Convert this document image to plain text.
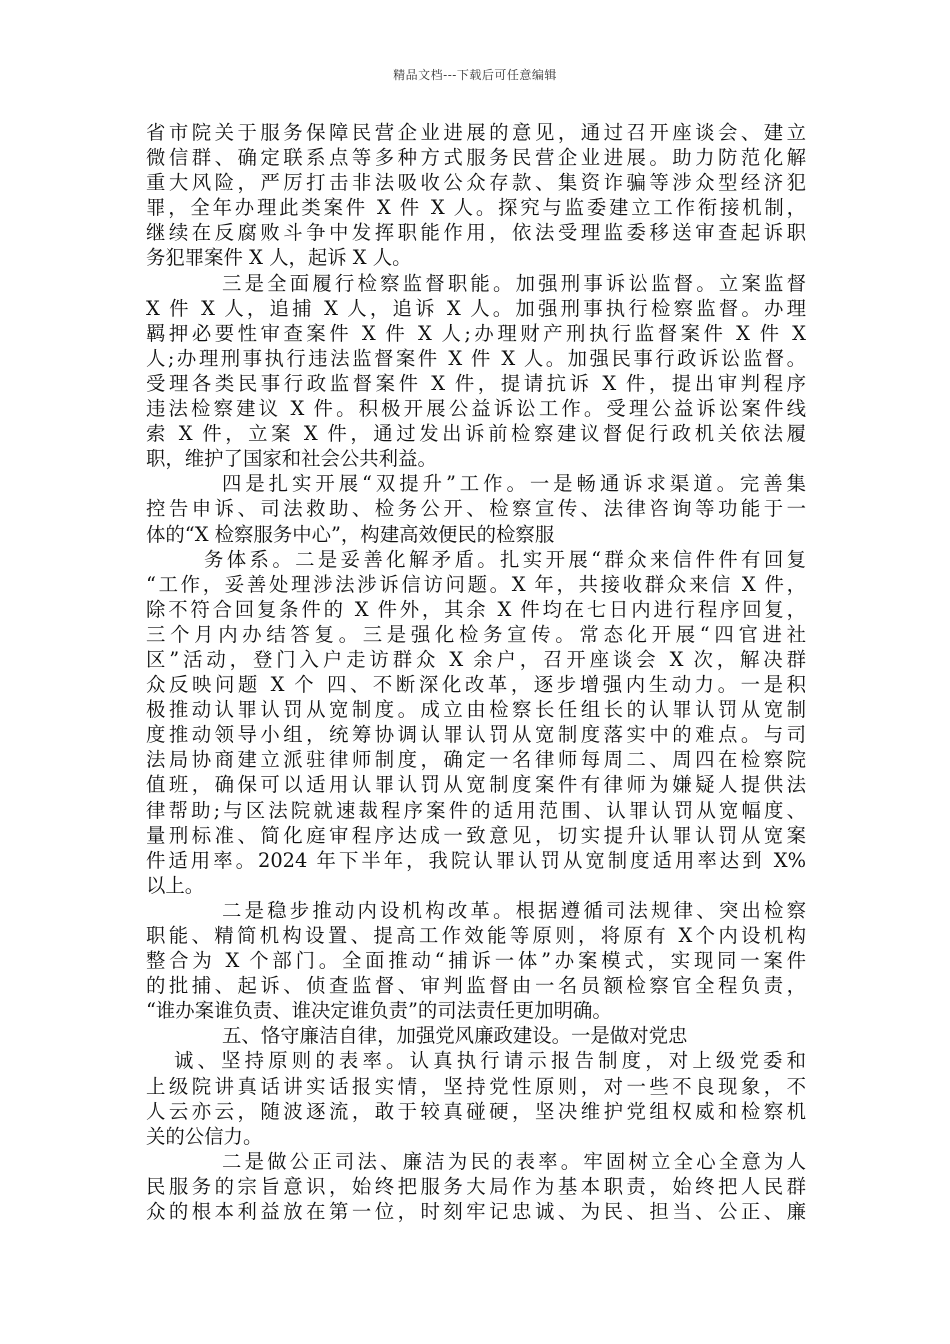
精品文档---下载后可任意编辑
省市院关于服务保障民营企业进展的意见，通过召开座谈会、建立
微信群、确定联系点等多种方式服务民营企业进展。助力防范化解
重大风险，严厉打击非法吸收公众存款、集资诈骗等涉众型经济犯
罪，全年办理此类案件 X 件 X 人。探究与监委建立工作衔接机制，
继续在反腐败斗争中发挥职能作用，依法受理监委移送审查起诉职
务犯罪案件 X 人，起诉 X 人。
三是全面履行检察监督职能。加强刑事诉讼监督。立案监督
X 件 X 人，追捕 X 人，追诉 X 人。加强刑事执行检察监督。办理
羁押必要性审查案件 X 件 X 人;办理财产刑执行监督案件 X 件 X
人;办理刑事执行违法监督案件 X 件 X 人。加强民事行政诉讼监督。
受理各类民事行政监督案件 X 件，提请抗诉 X 件，提出审判程序
违法检察建议 X 件。积极开展公益诉讼工作。受理公益诉讼案件线
索 X 件，立案 X 件，通过发出诉前检察建议督促行政机关依法履
职，维护了国家和社会公共利益。
四是扎实开展“双提升”工作。一是畅通诉求渠道。完善集
控告申诉、司法救助、检务公开、检察宣传、法律咨询等功能于一
体的“X 检察服务中心”，构建高效便民的检察服
务体系。二是妥善化解矛盾。扎实开展“群众来信件件有回复
“工作，妥善处理涉法涉诉信访问题。X 年，共接收群众来信 X 件，
除不符合回复条件的 X 件外，其余 X 件均在七日内进行程序回复，
三个月内办结答复。三是强化检务宣传。常态化开展“四官进社
区”活动，登门入户走访群众 X 余户，召开座谈会 X 次，解决群
众反映问题 X 个 四、不断深化改革，逐步增强内生动力。一是积
极推动认罪认罚从宽制度。成立由检察长任组长的认罪认罚从宽制
度推动领导小组，统筹协调认罪认罚从宽制度落实中的难点。与司
法局协商建立派驻律师制度，确定一名律师每周二、周四在检察院
值班，确保可以适用认罪认罚从宽制度案件有律师为嫌疑人提供法
律帮助;与区法院就速裁程序案件的适用范围、认罪认罚从宽幅度、
量刑标准、简化庭审程序达成一致意见，切实提升认罪认罚从宽案
件适用率。2024 年下半年，我院认罪认罚从宽制度适用率达到 X%
以上。
二是稳步推动内设机构改革。根据遵循司法规律、突出检察
职能、精简机构设置、提高工作效能等原则，将原有 X个内设机构
整合为 X 个部门。全面推动“捕诉一体”办案模式，实现同一案件
的批捕、起诉、侦查监督、审判监督由一名员额检察官全程负责，
“谁办案谁负责、谁决定谁负责”的司法责任更加明确。
五、恪守廉洁自律，加强党风廉政建设。一是做对党忠
诚、坚持原则的表率。认真执行请示报告制度，对上级党委和
上级院讲真话讲实话报实情，坚持党性原则，对一些不良现象，不
人云亦云，随波逐流，敢于较真碰硬，坚决维护党组权威和检察机
关的公信力。
二是做公正司法、廉洁为民的表率。牢固树立全心全意为人
民服务的宗旨意识，始终把服务大局作为基本职责，始终把人民群
众的根本利益放在第一位，时刻牢记忠诚、为民、担当、公正、廉
